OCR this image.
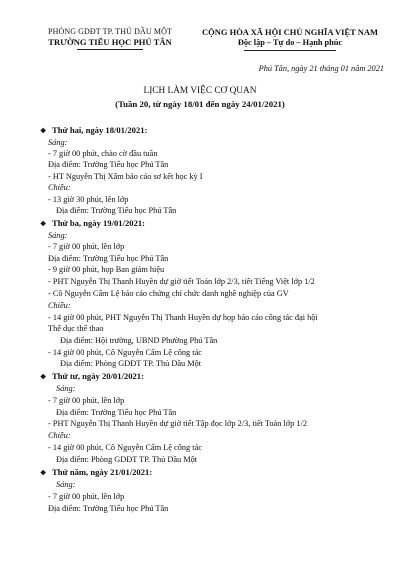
PHÒNG GDĐT TP. THỦ DẦU MỘT
TRƯỜNG TIỂU HỌC PHÚ TÂN
CỘNG HÒA XÃ HỘI CHỦ NGHĨA VIỆT NAM
Độc lập – Tự do – Hạnh phúc
Phú Tân, ngày 21 tháng 01 năm 2021
LỊCH LÀM VIỆC CƠ QUAN
(Tuần 20, từ ngày 18/01 đến ngày 24/01/2021)
❖ Thứ hai, ngày 18/01/2021:
Sáng:
- 7 giờ 00 phút, chào cờ đầu tuần
Địa điểm: Trường Tiểu học Phú Tân
- HT Nguyễn Thị Xâm báo cáo sơ kết học kỳ I
Chiều:
- 13 giờ 30 phút, lên lớp
Địa điểm: Trường Tiểu học Phú Tân
❖ Thứ ba, ngày 19/01/2021:
Sáng:
- 7 giờ 00 phút, lên lớp
Địa điểm: Trường Tiểu học Phú Tân
- 9 giờ 00 phút, họp Ban giám hiệu
- PHT Nguyễn Thị Thanh Huyền dự giờ tiết Toán lớp 2/3, tiết Tiếng Việt lớp 1/2
- Cô Nguyễn Cẩm Lệ báo cáo chứng chỉ chức danh nghề nghiệp của GV
Chiều:
- 14 giờ 00 phút, PHT Nguyễn Thị Thanh Huyền dự họp báo cáo công tác đại hội
Thể dục thể thao
Địa điểm: Hội trường, UBND Phường Phú Tân
- 14 giờ 00 phút, Cô Nguyễn Cẩm Lệ công tác
Địa điểm: Phòng GDĐT TP. Thủ Dầu Một
❖ Thứ tư, ngày 20/01/2021:
Sáng:
- 7 giờ 00 phút, lên lớp
Địa điểm: Trường Tiểu học Phú Tân
- PHT Nguyễn Thị Thanh Huyền dự giờ tiết Tập đọc lớp 2/3, tiết Toán lớp 1/2
Chiều:
- 14 giờ 00 phút, Cô Nguyễn Cẩm Lệ công tác
Địa điểm: Phòng GDĐT TP. Thủ Dầu Một
❖ Thứ năm, ngày 21/01/2021:
Sáng:
- 7 giờ 00 phút, lên lớp
Địa điểm: Trường Tiểu học Phú Tân
